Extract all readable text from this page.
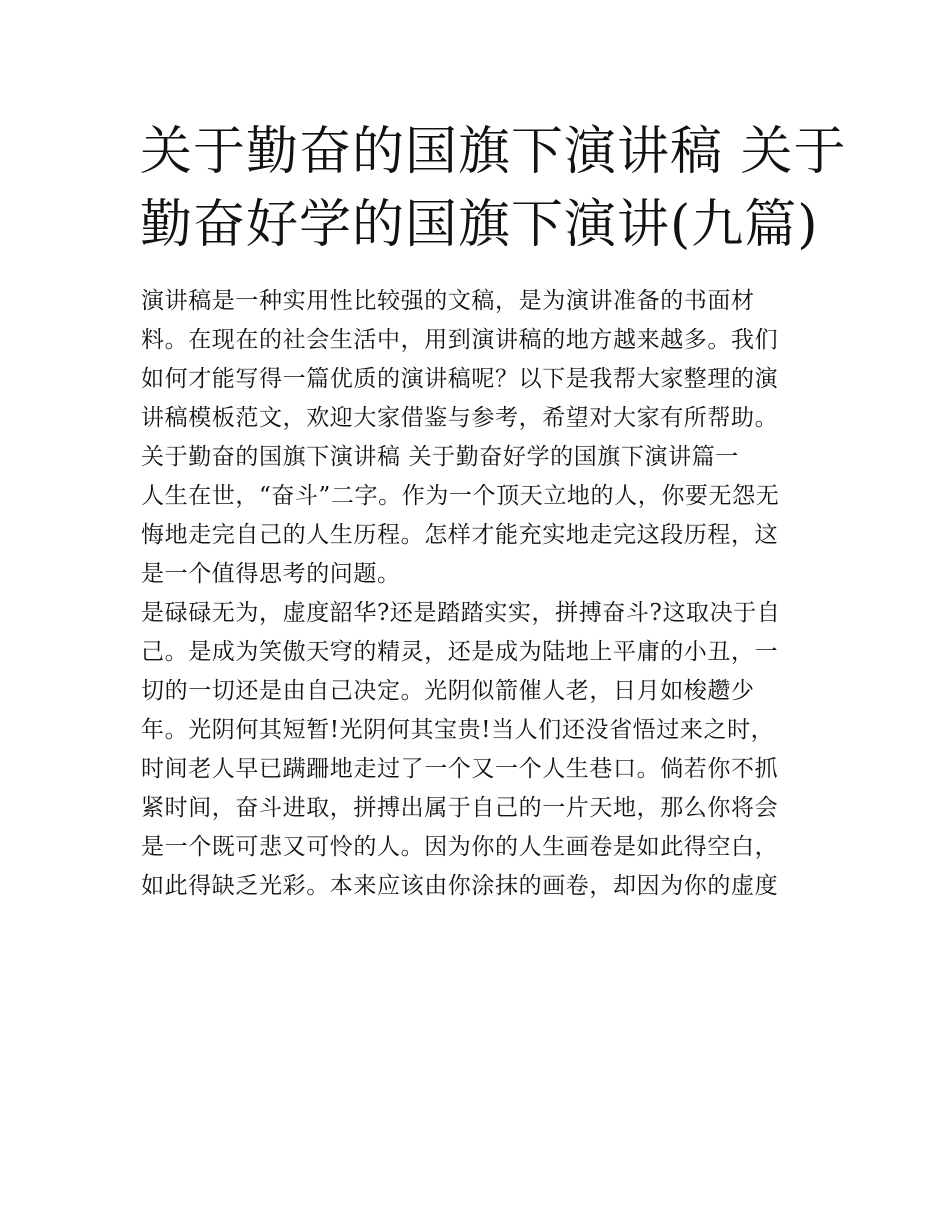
关于勤奋的国旗下演讲稿 关于
勤奋好学的国旗下演讲(九篇)
演讲稿是一种实用性比较强的文稿，是为演讲准备的书面材
料。在现在的社会生活中，用到演讲稿的地方越来越多。我们
如何才能写得一篇优质的演讲稿呢？以下是我帮大家整理的演
讲稿模板范文，欢迎大家借鉴与参考，希望对大家有所帮助。
关于勤奋的国旗下演讲稿 关于勤奋好学的国旗下演讲篇一
人生在世，“奋斗”二字。作为一个顶天立地的人，你要无怨无
悔地走完自己的人生历程。怎样才能充实地走完这段历程，这
是一个值得思考的问题。
是碌碌无为，虚度韶华?还是踏踏实实，拼搏奋斗?这取决于自
己。是成为笑傲天穹的精灵，还是成为陆地上平庸的小丑，一
切的一切还是由自己决定。光阴似箭催人老，日月如梭趱少
年。光阴何其短暂!光阴何其宝贵!当人们还没省悟过来之时，
时间老人早已蹒跚地走过了一个又一个人生巷口。倘若你不抓
紧时间，奋斗进取，拼搏出属于自己的一片天地，那么你将会
是一个既可悲又可怜的人。因为你的人生画卷是如此得空白，
如此得缺乏光彩。本来应该由你涂抹的画卷，却因为你的虚度
